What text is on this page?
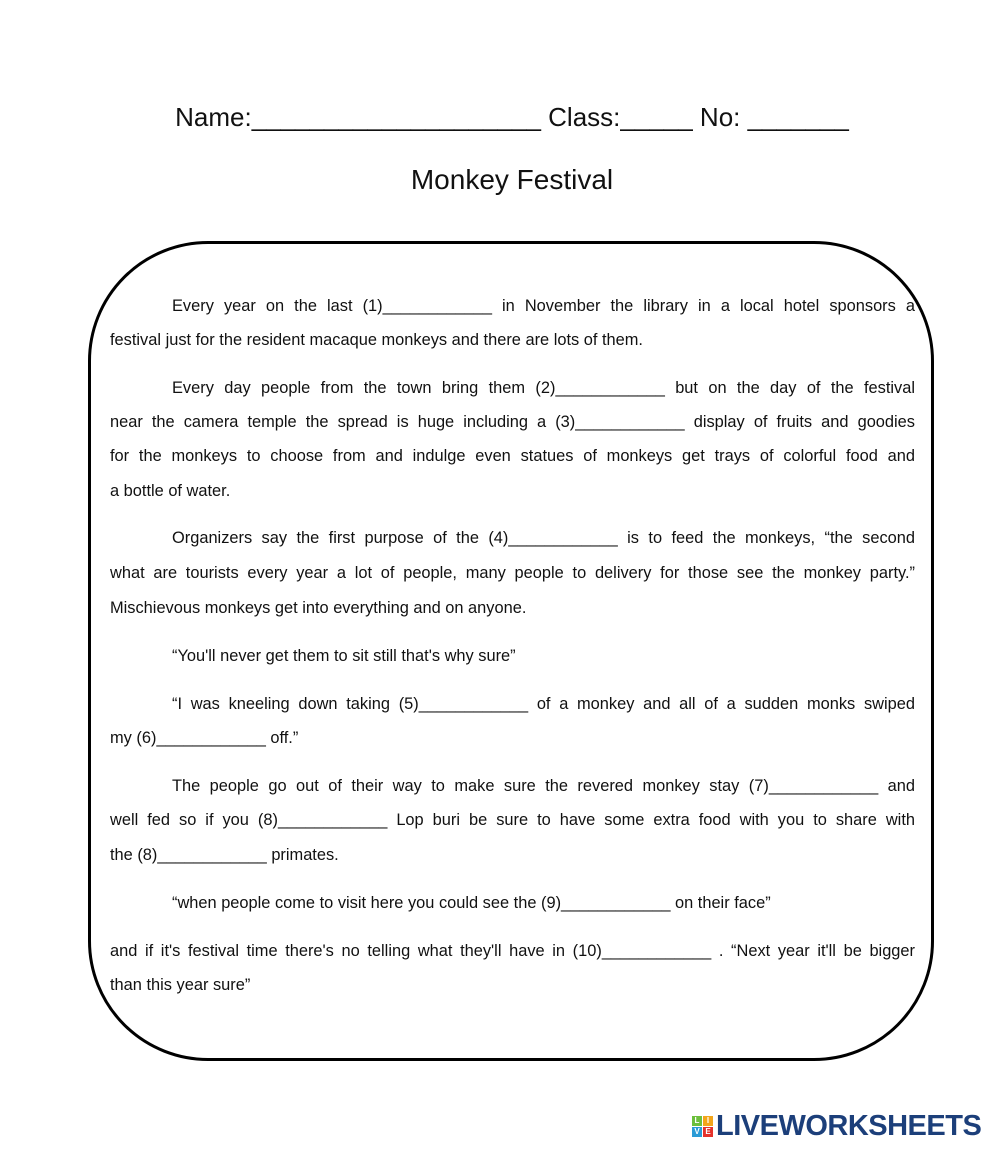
Name:____________________ Class:_____ No: _______
Monkey Festival
Every year on the last (1)____________ in November the library in a local hotel sponsors a
festival just for the resident macaque monkeys and there are lots of them.
Every day people from the town bring them (2)____________ but on the day of the festival
near the camera temple the spread is huge including a (3)____________ display of fruits and goodies
for the monkeys to choose from and indulge even statues of monkeys get trays of colorful food and
a bottle of water.
Organizers say the first purpose of the (4)____________ is to feed the monkeys, “the second
what are tourists every year a lot of people, many people to delivery for those see the monkey party.”
Mischievous monkeys get into everything and on anyone.
“You'll never get them to sit still that's why sure”
“I was kneeling down taking (5)____________ of a monkey and all of a sudden monks swiped
my (6)____________ off.”
The people go out of their way to make sure the revered monkey stay (7)____________ and
well fed so if you (8)____________ Lop buri be sure to have some extra food with you to share with
the (8)____________ primates.
“when people come to visit here you could see the (9)____________ on their face”
and if it's festival time there's no telling what they'll have in (10)____________ . “Next year it'll be bigger
than this year sure”
L I
V E LIVEWORKSHEETS
